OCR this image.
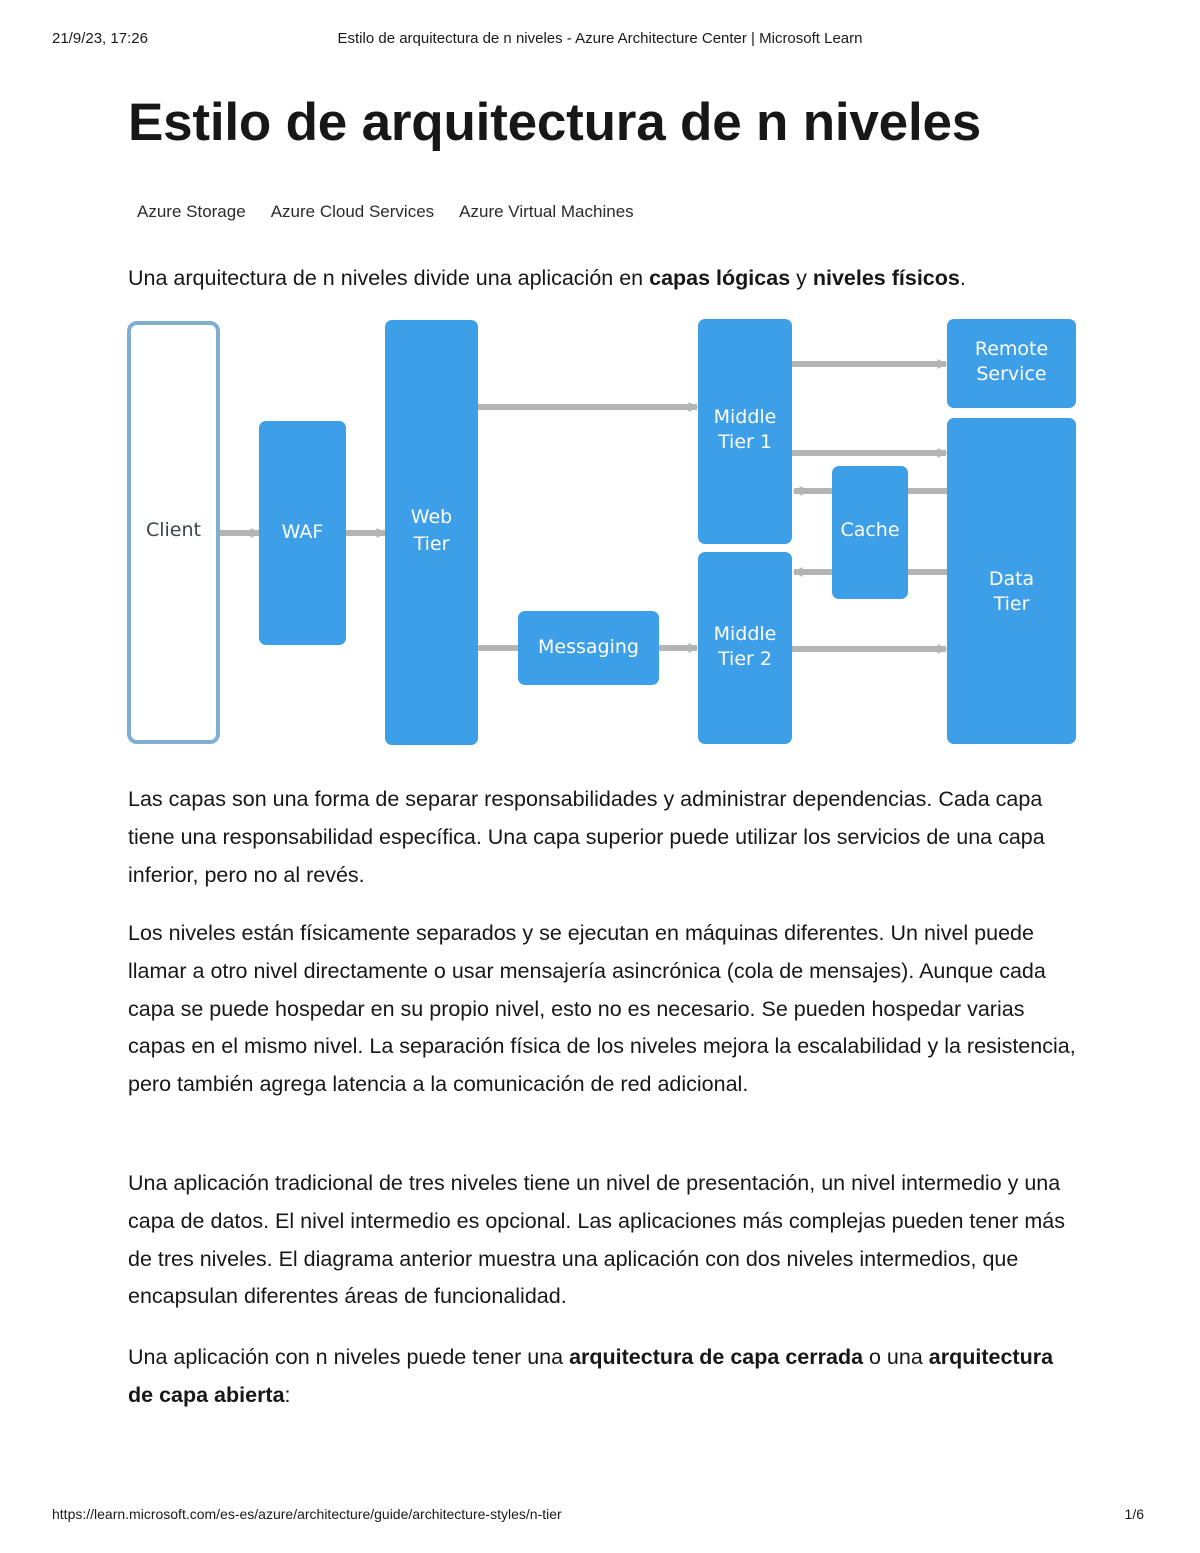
21/9/23, 17:26	Estilo de arquitectura de n niveles - Azure Architecture Center | Microsoft Learn
Estilo de arquitectura de n niveles
Azure Storage Azure Cloud Services Azure Virtual Machines

Una arquitectura de n niveles divide una aplicación en capas lógicas y niveles físicos.

Client	WAF
Web
Tier
Messaging
Middle
Tier 1
Middle
Tier 2
Cache
Remote
Service
Data
Tier

Las capas son una forma de separar responsabilidades y administrar dependencias. Cada capa tiene una responsabilidad específica. Una capa superior puede utilizar los servicios de una capa inferior, pero no al revés.

Los niveles están físicamente separados y se ejecutan en máquinas diferentes. Un nivel puede llamar a otro nivel directamente o usar mensajería asincrónica (cola de mensajes). Aunque cada capa se puede hospedar en su propio nivel, esto no es necesario. Se pueden hospedar varias capas en el mismo nivel. La separación física de los niveles mejora la escalabilidad y la resistencia, pero también agrega latencia a la comunicación de red adicional.

Una aplicación tradicional de tres niveles tiene un nivel de presentación, un nivel intermedio y una capa de datos. El nivel intermedio es opcional. Las aplicaciones más complejas pueden tener más de tres niveles. El diagrama anterior muestra una aplicación con dos niveles intermedios, que encapsulan diferentes áreas de funcionalidad.

Una aplicación con n niveles puede tener una arquitectura de capa cerrada o una arquitectura de capa abierta:

https://learn.microsoft.com/es-es/azure/architecture/guide/architecture-styles/n-tier	1/6
